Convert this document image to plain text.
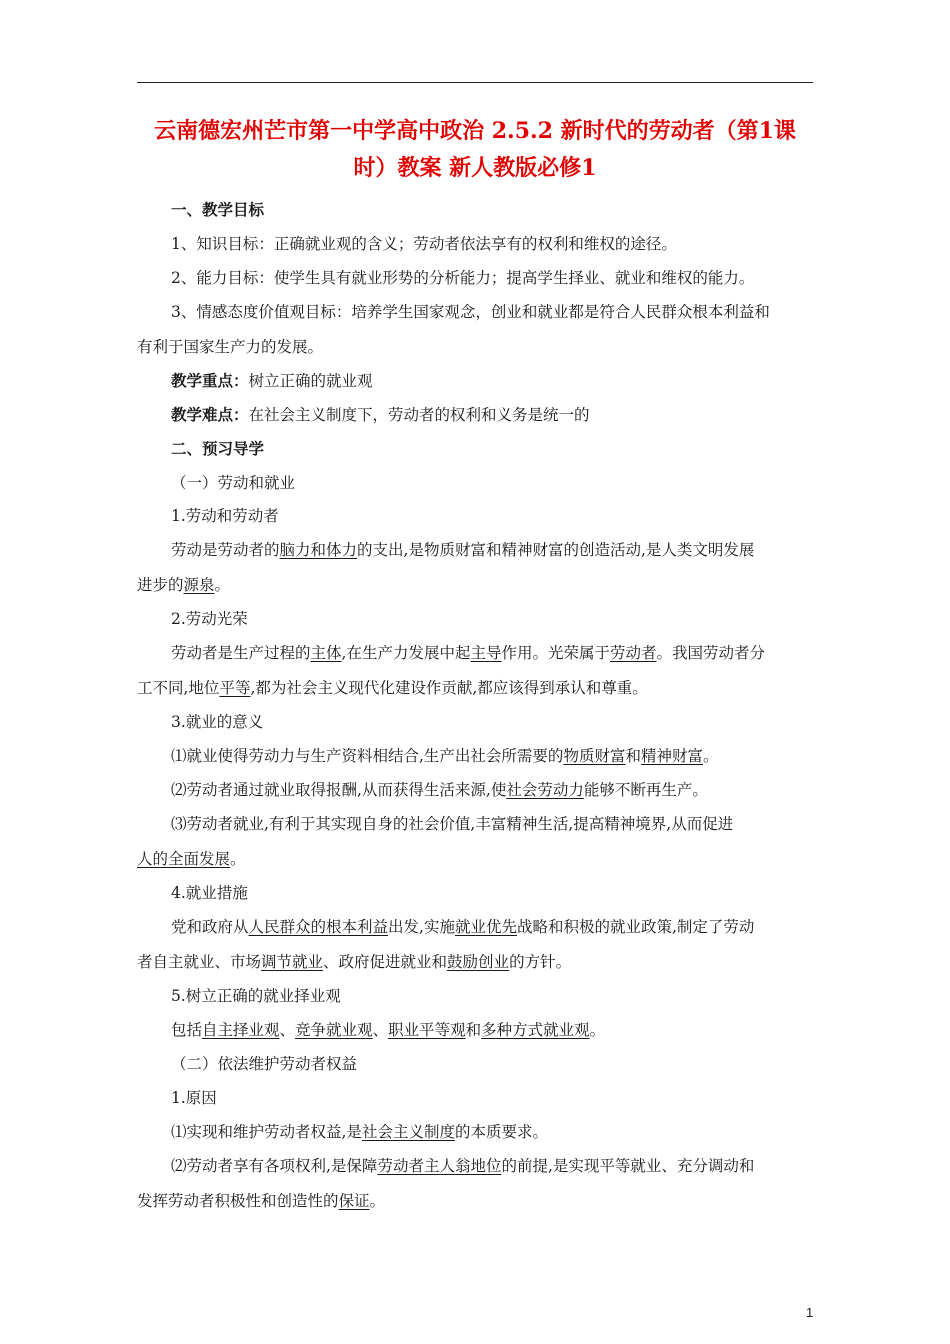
云南德宏州芒市第一中学高中政治 2.5.2 新时代的劳动者（第1课
时）教案 新人教版必修1
一、教学目标
1、知识目标：正确就业观的含义；劳动者依法享有的权利和维权的途径。
2、能力目标：使学生具有就业形势的分析能力；提高学生择业、就业和维权的能力。
3、情感态度价值观目标：培养学生国家观念，创业和就业都是符合人民群众根本利益和
有利于国家生产力的发展。
教学重点：树立正确的就业观
教学难点：在社会主义制度下，劳动者的权利和义务是统一的
二、预习导学
（一）劳动和就业
1.劳动和劳动者
劳动是劳动者的脑力和体力的支出,是物质财富和精神财富的创造活动,是人类文明发展
进步的源泉。
2.劳动光荣
劳动者是生产过程的主体,在生产力发展中起主导作用。光荣属于劳动者。我国劳动者分
工不同,地位平等,都为社会主义现代化建设作贡献,都应该得到承认和尊重。
3.就业的意义
⑴就业使得劳动力与生产资料相结合,生产出社会所需要的物质财富和精神财富。
⑵劳动者通过就业取得报酬,从而获得生活来源,使社会劳动力能够不断再生产。
⑶劳动者就业,有利于其实现自身的社会价值,丰富精神生活,提高精神境界,从而促进
人的全面发展。
4.就业措施
党和政府从人民群众的根本利益出发,实施就业优先战略和积极的就业政策,制定了劳动
者自主就业、市场调节就业、政府促进就业和鼓励创业的方针。
5.树立正确的就业择业观
包括自主择业观、竞争就业观、职业平等观和多种方式就业观。
（二）依法维护劳动者权益
1.原因
⑴实现和维护劳动者权益,是社会主义制度的本质要求。
⑵劳动者享有各项权利,是保障劳动者主人翁地位的前提,是实现平等就业、充分调动和
发挥劳动者积极性和创造性的保证。
1
